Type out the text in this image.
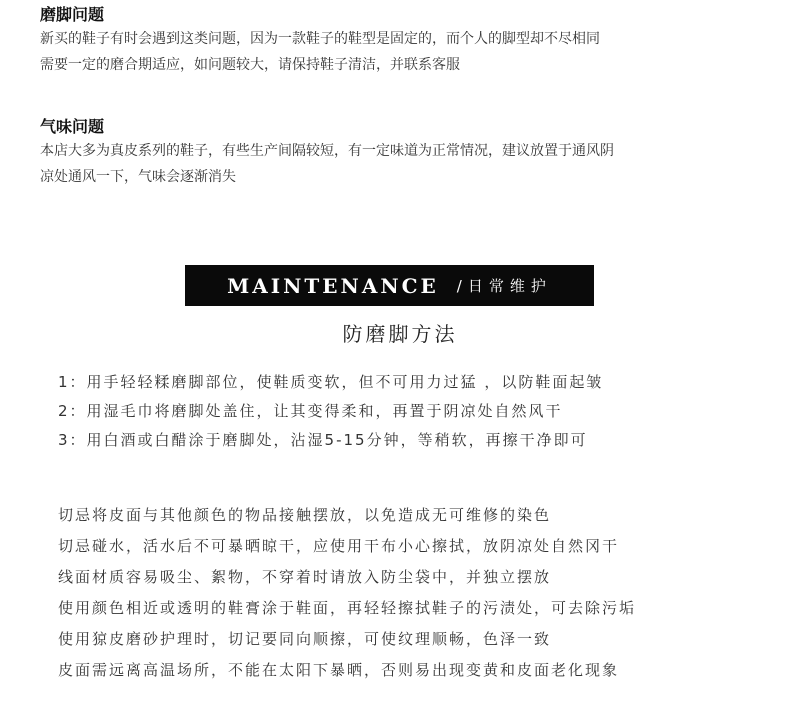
磨脚问题
新买的鞋子有时会遇到这类问题，因为一款鞋子的鞋型是固定的，而个人的脚型却不尽相同
需要一定的磨合期适应，如问题较大，请保持鞋子清洁，并联系客服
气味问题
本店大多为真皮系列的鞋子，有些生产间隔较短，有一定味道为正常情况，建议放置于通风阴
凉处通风一下，气味会逐渐消失
MAINTENANCE / 日常维护
防磨脚方法
1：用手轻轻糅磨脚部位，使鞋质变软，但不可用力过猛 ，以防鞋面起皱
2：用湿毛巾将磨脚处盖住，让其变得柔和，再置于阴凉处自然风干
3：用白酒或白醋涂于磨脚处，沾湿5-15分钟，等稍软，再擦干净即可
切忌将皮面与其他颜色的物品接触摆放，以免造成无可维修的染色
切忌碰水，活水后不可暴晒晾干，应使用干布小心擦拭，放阴凉处自然冈干
线面材质容易吸尘、絮物，不穿着时请放入防尘袋中，并独立摆放
使用颜色相近或透明的鞋膏涂于鞋面，再轻轻擦拭鞋子的污渍处，可去除污垢
使用猄皮磨砂护理时，切记要同向顺擦，可使纹理顺畅，色泽一致
皮面需远离高温场所，不能在太阳下暴晒，否则易出现变黄和皮面老化现象
